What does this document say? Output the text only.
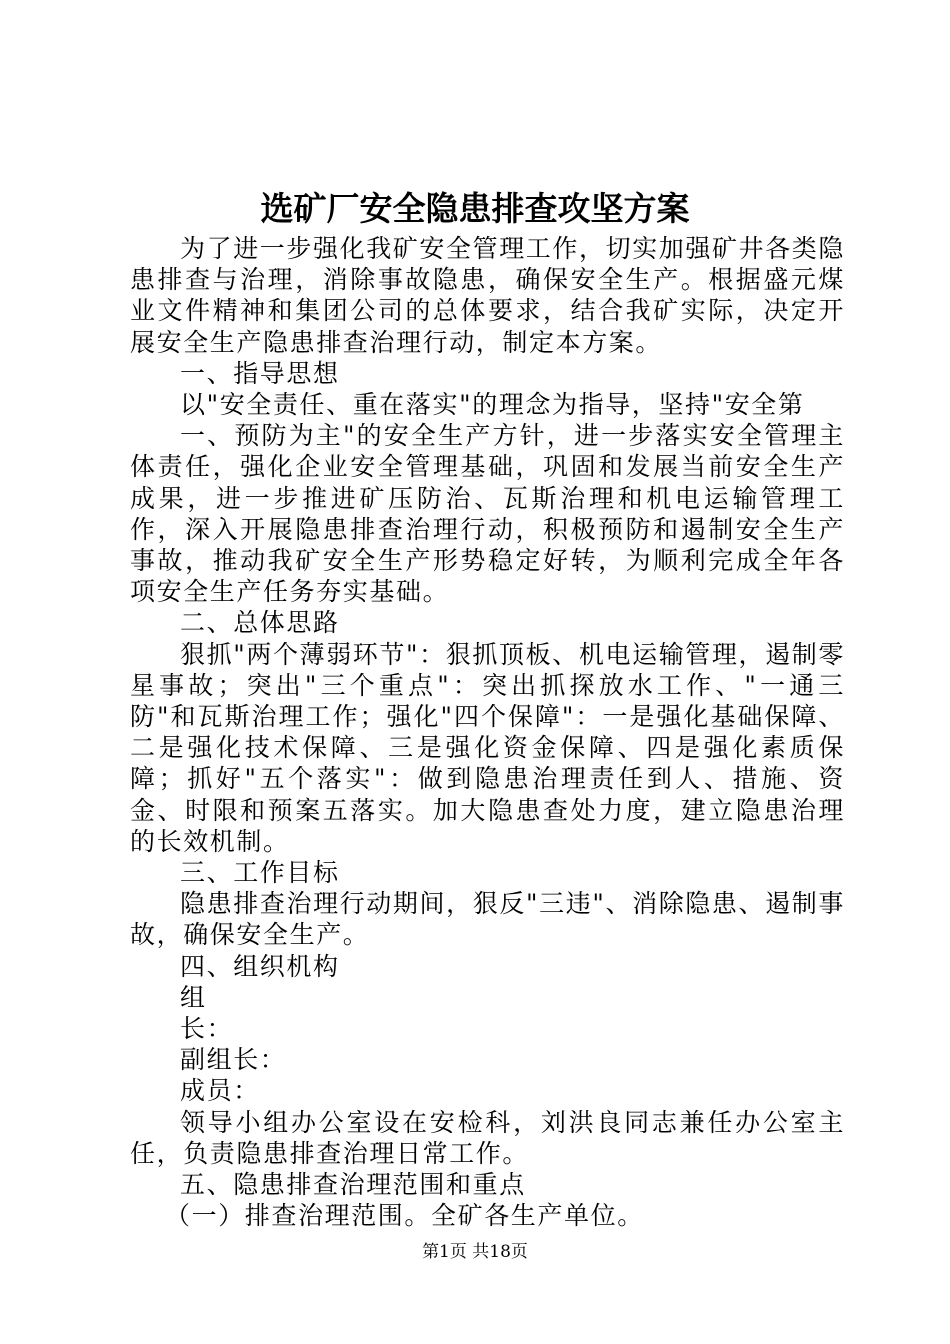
选矿厂安全隐患排查攻坚方案

为了进一步强化我矿安全管理工作，切实加强矿井各类隐患排查与治理，消除事故隐患，确保安全生产。根据盛元煤业文件精神和集团公司的总体要求，结合我矿实际，决定开展安全生产隐患排查治理行动，制定本方案。

一、指导思想

以"安全责任、重在落实"的理念为指导，坚持"安全第

一、预防为主"的安全生产方针，进一步落实安全管理主体责任，强化企业安全管理基础，巩固和发展当前安全生产成果，进一步推进矿压防治、瓦斯治理和机电运输管理工作，深入开展隐患排查治理行动，积极预防和遏制安全生产事故，推动我矿安全生产形势稳定好转，为顺利完成全年各项安全生产任务夯实基础。

二、总体思路

狠抓"两个薄弱环节"：狠抓顶板、机电运输管理，遏制零星事故；突出"三个重点"：突出抓探放水工作、"一通三防"和瓦斯治理工作；强化"四个保障"：一是强化基础保障、二是强化技术保障、三是强化资金保障、四是强化素质保障；抓好"五个落实"：做到隐患治理责任到人、措施、资金、时限和预案五落实。加大隐患查处力度，建立隐患治理的长效机制。

三、工作目标

隐患排查治理行动期间，狠反"三违"、消除隐患、遏制事故，确保安全生产。

四、组织机构

组

长：

副组长：

成员：

领导小组办公室设在安检科，刘洪良同志兼任办公室主任，负责隐患排查治理日常工作。

五、隐患排查治理范围和重点

（一）排查治理范围。全矿各生产单位。

第1页 共18页
